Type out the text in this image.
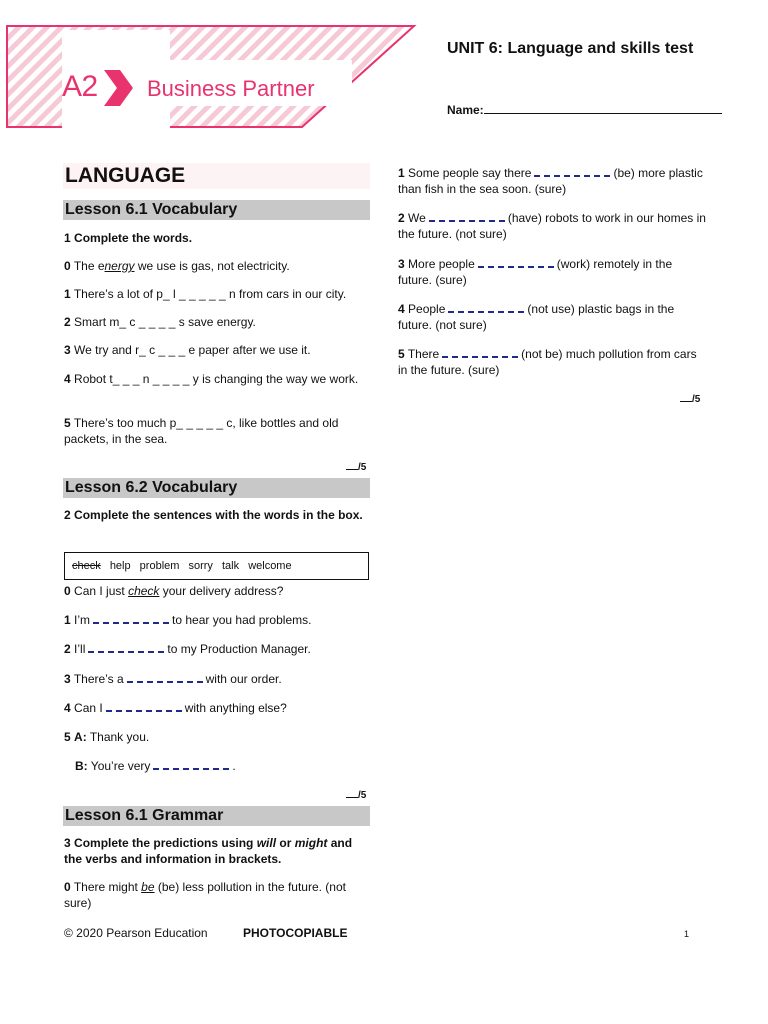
A2 Business Partner
UNIT 6: Language and skills test
Name:
LANGUAGE
Lesson 6.1 Vocabulary
1 Complete the words.
0 The energy we use is gas, not electricity.
1 There’s a lot of p_ l _ _ _ _ _ n from cars in our city.
2 Smart m_ c _ _ _ _ s save energy.
3 We try and r_ c _ _ _ e paper after we use it.
4 Robot t_ _ _ n _ _ _ _ y is changing the way we work.
5 There’s too much p_ _ _ _ _ c, like bottles and old packets, in the sea.
/5
Lesson 6.2 Vocabulary
2 Complete the sentences with the words in the box.
check help problem sorry talk welcome
0 Can I just check your delivery address?
1 I’m	to hear you had problems.
2 I’ll	to my Production Manager.
3 There’s a	with our order.
4 Can I	with anything else?
5 A: Thank you.
B: You’re very	.
/5
Lesson 6.1 Grammar
3 Complete the predictions using will or might and the verbs and information in brackets.
0 There might be (be) less pollution in the future. (not sure)
1 Some people say there	(be) more plastic than fish in the sea soon. (sure)
2 We	(have) robots to work in our homes in the future. (not sure)
3 More people	(work) remotely in the future. (sure)
4 People	(not use) plastic bags in the future. (not sure)
5 There	(not be) much pollution from cars in the future. (sure)
/5
© 2020 Pearson Education	PHOTOCOPIABLE	1
